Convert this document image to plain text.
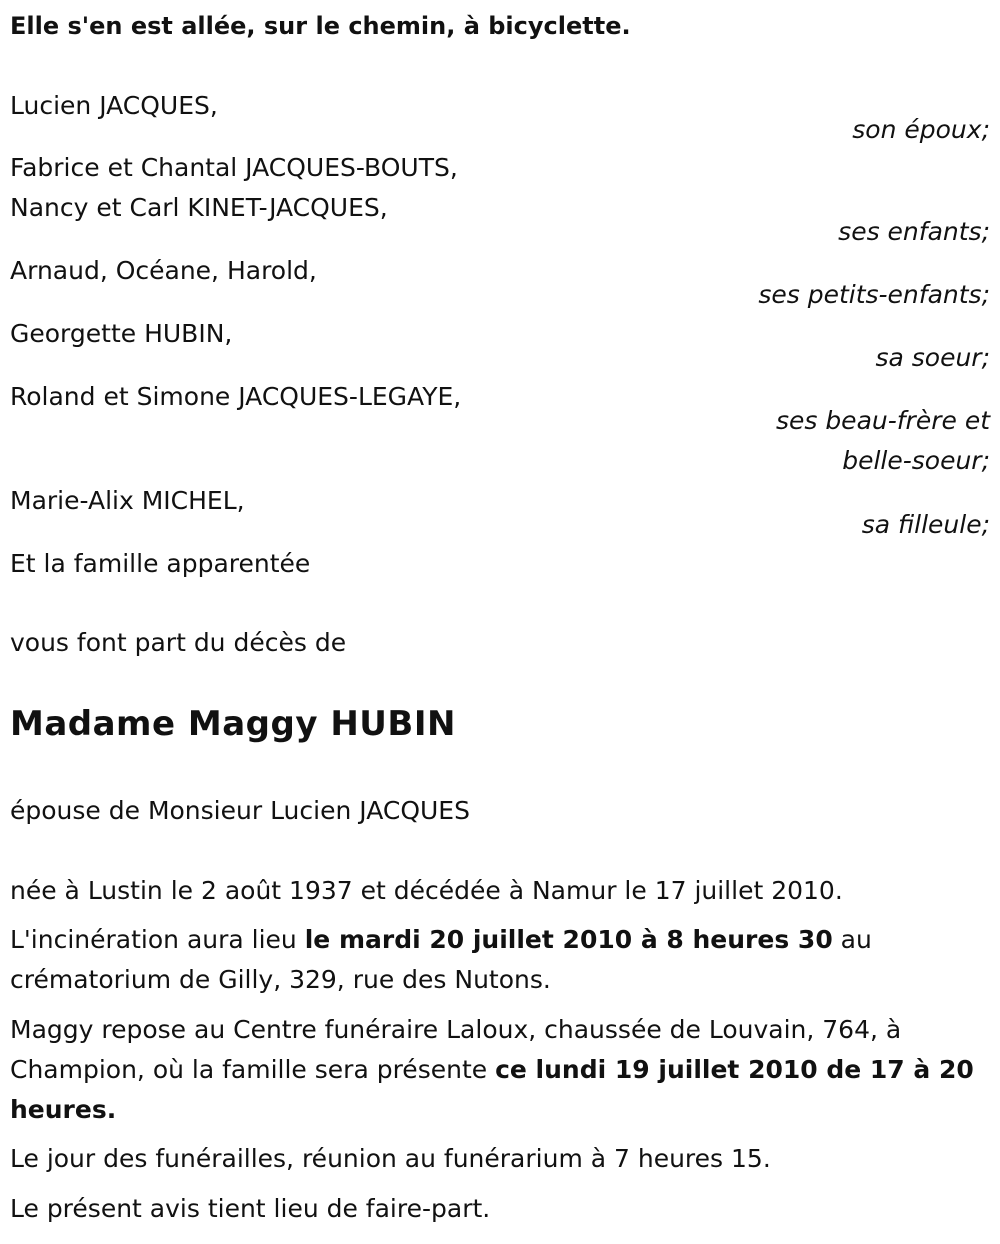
Elle s'en est allée, sur le chemin, à bicyclette.
Lucien JACQUES,
son époux;
Fabrice et Chantal JACQUES-BOUTS,
Nancy et Carl KINET-JACQUES,
ses enfants;
Arnaud, Océane, Harold,
ses petits-enfants;
Georgette HUBIN,
sa soeur;
Roland et Simone JACQUES-LEGAYE,
ses beau-frère et
belle-soeur;
Marie-Alix MICHEL,
sa filleule;
Et la famille apparentée
vous font part du décès de
Madame Maggy HUBIN
épouse de Monsieur Lucien JACQUES
née à Lustin le 2 août 1937 et décédée à Namur le 17 juillet 2010.
L'incinération aura lieu le mardi 20 juillet 2010 à 8 heures 30 au crématorium de Gilly, 329, rue des Nutons.
Maggy repose au Centre funéraire Laloux, chaussée de Louvain, 764, à Champion, où la famille sera présente ce lundi 19 juillet 2010 de 17 à 20 heures.
Le jour des funérailles, réunion au funérarium à 7 heures 15.
Le présent avis tient lieu de faire-part.
